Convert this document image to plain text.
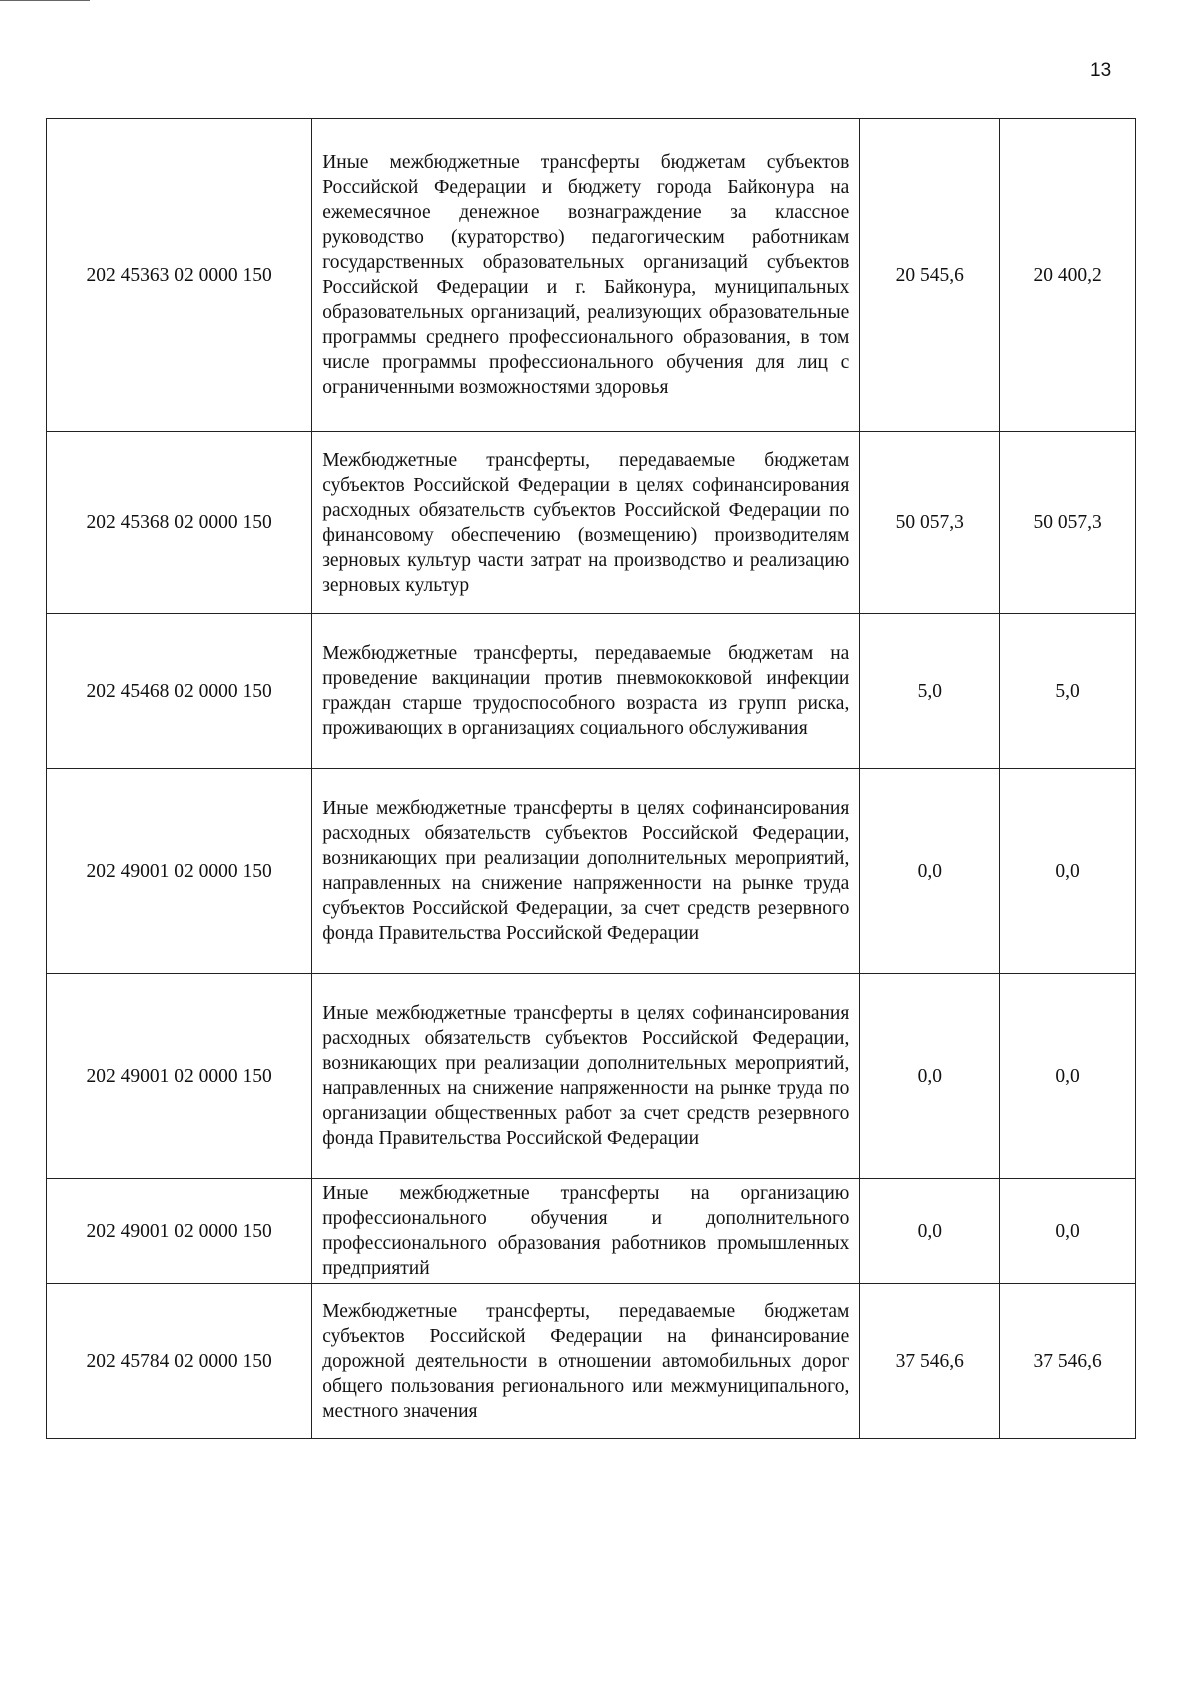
13
202 45363 02 0000 150	Иные межбюджетные трансферты бюджетам субъектов Российской Федерации и бюджету города Байконура на ежемесячное денежное вознаграждение за классное руководство (кураторство) педагогическим работникам государственных образовательных организаций субъектов Российской Федерации и г. Байконура, муниципальных образовательных организаций, реализующих образовательные программы среднего профессионального образования, в том числе программы профессионального обучения для лиц с ограниченными возможностями здоровья	20 545,6	20 400,2
202 45368 02 0000 150	Межбюджетные трансферты, передаваемые бюджетам субъектов Российской Федерации в целях софинансирования расходных обязательств субъектов Российской Федерации по финансовому обеспечению (возмещению) производителям зерновых культур части затрат на производство и реализацию зерновых культур	50 057,3	50 057,3
202 45468 02 0000 150	Межбюджетные трансферты, передаваемые бюджетам на проведение вакцинации против пневмококковой инфекции граждан старше трудоспособного возраста из групп риска, проживающих в организациях социального обслуживания	5,0	5,0
202 49001 02 0000 150	Иные межбюджетные трансферты в целях софинансирования расходных обязательств субъектов Российской Федерации, возникающих при реализации дополнительных мероприятий, направленных на снижение напряженности на рынке труда субъектов Российской Федерации, за счет средств резервного фонда Правительства Российской Федерации	0,0	0,0
202 49001 02 0000 150	Иные межбюджетные трансферты в целях софинансирования расходных обязательств субъектов Российской Федерации, возникающих при реализации дополнительных мероприятий, направленных на снижение напряженности на рынке труда по организации общественных работ за счет средств резервного фонда Правительства Российской Федерации	0,0	0,0
202 49001 02 0000 150	Иные межбюджетные трансферты на организацию профессионального обучения и дополнительного профессионального образования работников промышленных предприятий	0,0	0,0
202 45784 02 0000 150	Межбюджетные трансферты, передаваемые бюджетам субъектов Российской Федерации на финансирование дорожной деятельности в отношении автомобильных дорог общего пользования регионального или межмуниципального, местного значения	37 546,6	37 546,6
